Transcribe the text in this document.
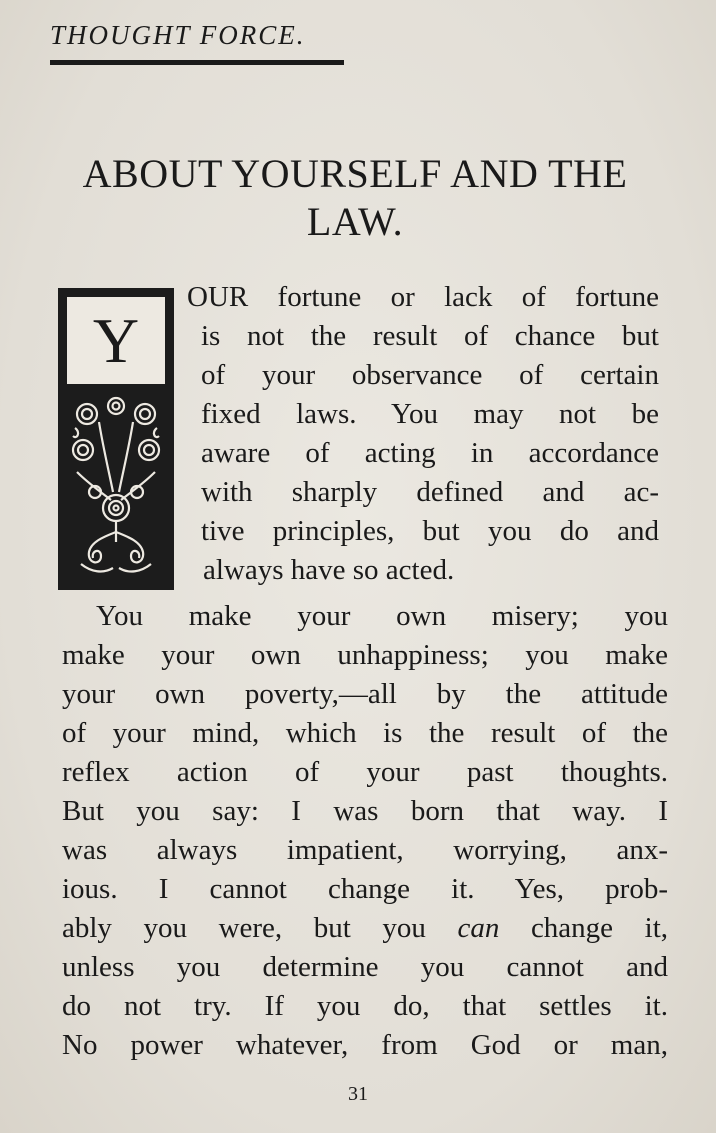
THOUGHT FORCE.
ABOUT YOURSELF AND THE
LAW.
Y
OUR fortune or lack of fortune
is not the result of chance but
of your observance of certain
fixed laws. You may not be
aware of acting in accordance
with sharply defined and ac-
tive principles, but you do and
always have so acted.
You make your own misery; you
make your own unhappiness; you make
your own poverty,—all by the attitude
of your mind, which is the result of the
reflex action of your past thoughts.
But you say: I was born that way. I
was always impatient, worrying, anx-
ious. I cannot change it. Yes, prob-
ably you were, but you can change it,
unless you determine you cannot and
do not try. If you do, that settles it.
No power whatever, from God or man,
31
